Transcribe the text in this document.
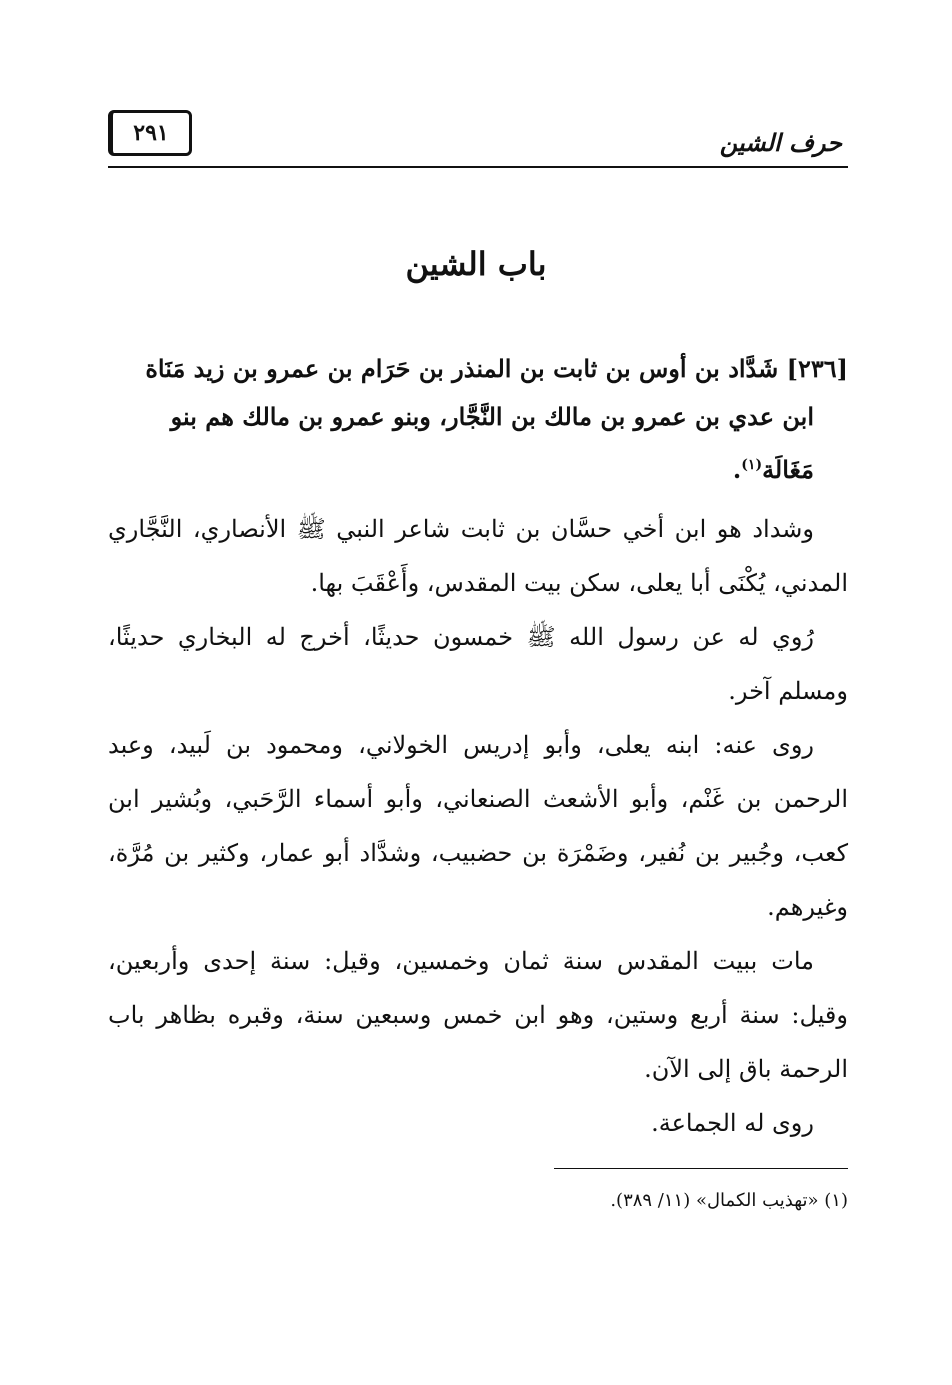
٢٩١	حرف الشين
باب الشين
[٢٣٦] شَدَّاد بن أوس بن ثابت بن المنذر بن حَرَام بن عمرو بن زيد مَنَاة
ابن عدي بن عمرو بن مالك بن النَّجَّار، وبنو عمرو بن مالك هم بنو
مَغَالَة$^{(١)}$.

وشداد هو ابن أخي حسَّان بن ثابت شاعر النبي ﷺ الأنصاري، النَّجَّاري المدني، يُكْنَى أبا يعلى، سكن بيت المقدس، وأَعْقَبَ بها.

رُوي له عن رسول الله ﷺ خمسون حديثًا، أخرج له البخاري حديثًا، ومسلم آخر.

روى عنه: ابنه يعلى، وأبو إدريس الخولاني، ومحمود بن لَبيد، وعبد الرحمن بن غَنْم، وأبو الأشعث الصنعاني، وأبو أسماء الرَّحَبي، وبُشير ابن كعب، وجُبير بن نُفير، وضَمْرَة بن حضبيب، وشدَّاد أبو عمار، وكثير بن مُرَّة، وغيرهم.

مات ببيت المقدس سنة ثمان وخمسين، وقيل: سنة إحدى وأربعين، وقيل: سنة أربع وستين، وهو ابن خمس وسبعين سنة، وقبره بظاهر باب الرحمة باق إلى الآن.

روى له الجماعة.

(١) «تهذيب الكمال» (١١/ ٣٨٩).
